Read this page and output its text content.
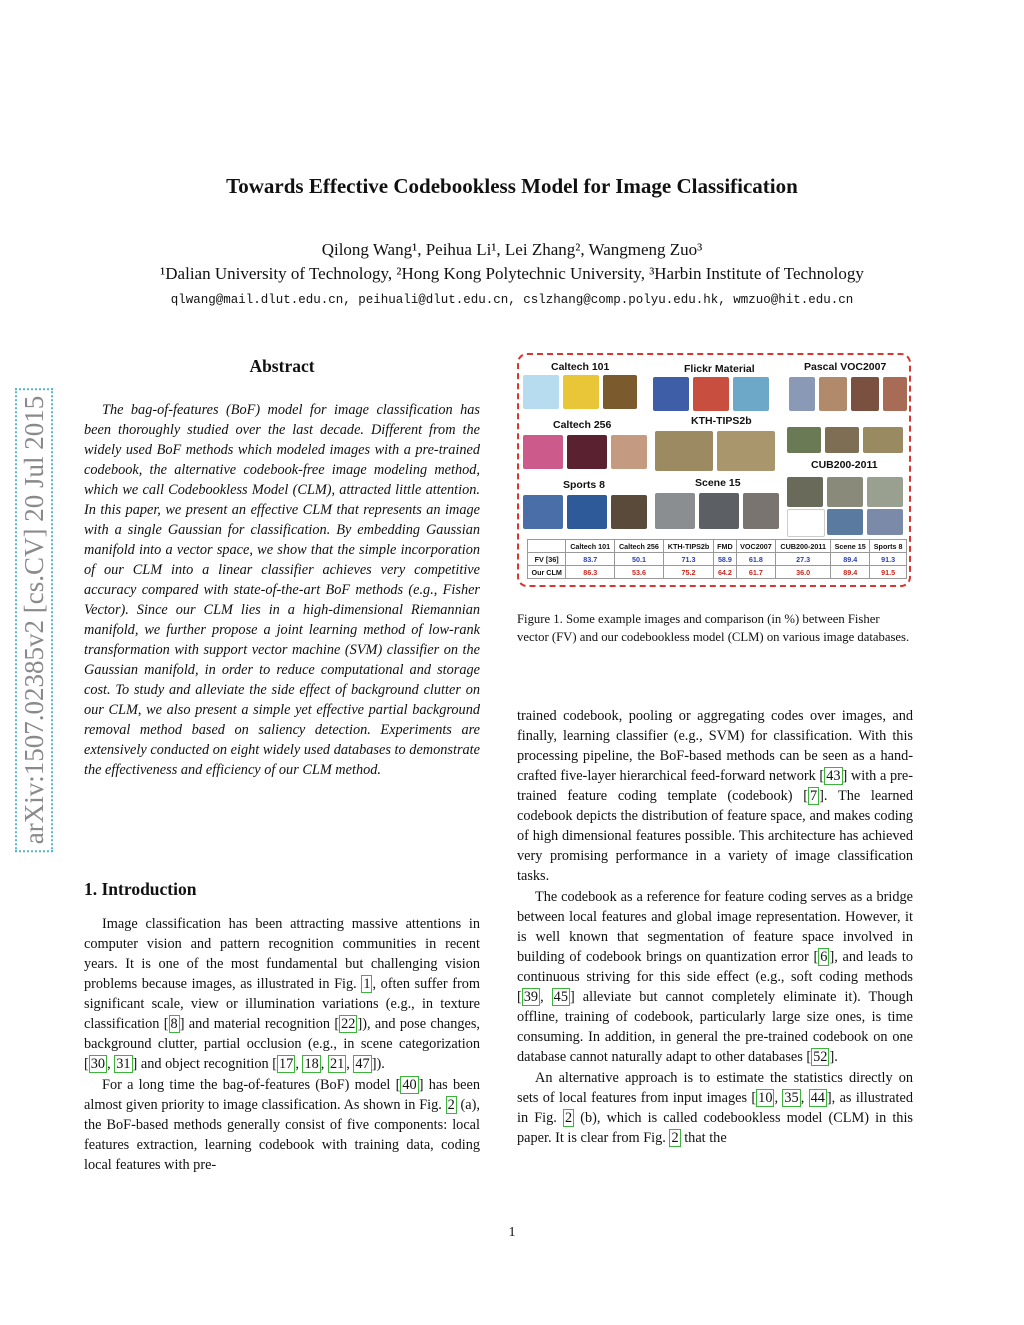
Towards Effective Codebookless Model for Image Classification
Qilong Wang¹, Peihua Li¹, Lei Zhang², Wangmeng Zuo³
¹Dalian University of Technology, ²Hong Kong Polytechnic University, ³Harbin Institute of Technology
qlwang@mail.dlut.edu.cn, peihuali@dlut.edu.cn, cslzhang@comp.polyu.edu.hk, wmzuo@hit.edu.cn
arXiv:1507.02385v2 [cs.CV] 20 Jul 2015
Abstract
The bag-of-features (BoF) model for image classification has been thoroughly studied over the last decade. Different from the widely used BoF methods which modeled images with a pre-trained codebook, the alternative codebook-free image modeling method, which we call Codebookless Model (CLM), attracted little attention. In this paper, we present an effective CLM that represents an image with a single Gaussian for classification. By embedding Gaussian manifold into a vector space, we show that the simple incorporation of our CLM into a linear classifier achieves very competitive accuracy compared with state-of-the-art BoF methods (e.g., Fisher Vector). Since our CLM lies in a high-dimensional Riemannian manifold, we further propose a joint learning method of low-rank transformation with support vector machine (SVM) classifier on the Gaussian manifold, in order to reduce computational and storage cost. To study and alleviate the side effect of background clutter on our CLM, we also present a simple yet effective partial background removal method based on saliency detection. Experiments are extensively conducted on eight widely used databases to demonstrate the effectiveness and efficiency of our CLM method.
1. Introduction

Image classification has been attracting massive attentions in computer vision and pattern recognition communities in recent years. It is one of the most fundamental but challenging vision problems because images, as illustrated in Fig. 1 , often suffer from significant scale, view or illumination variations (e.g., in texture classification [ 8 ] and material recognition [ 22 ]), and pose changes, background clutter, partial occlusion (e.g., in scene categorization [ 30 , 31 ] and object recognition [ 17 , 18 , 21 , 47 ]).

For a long time the bag-of-features (BoF) model [ 40 ] has been almost given priority to image classification. As shown in Fig. 2 (a), the BoF-based methods generally consist of five components: local features extraction, learning codebook with training data, coding local features with pre-

Caltech 101	Flickr Material	Pascal VOC2007
Caltech 256	KTH-TIPS2b
CUB200-2011
Sports 8	Scene 15
	Caltech 101	Caltech 256	KTH-TIPS2b	FMD	VOC2007	CUB200-2011	Scene 15	Sports 8
FV [36]	83.7	50.1	71.3	58.9	61.8	27.3	89.4	91.3
Our CLM	86.3	53.6	75.2	64.2	61.7	36.0	89.4	91.5
Figure 1. Some example images and comparison (in %) between Fisher vector (FV) and our codebookless model (CLM) on various image databases.

trained codebook, pooling or aggregating codes over images, and finally, learning classifier (e.g., SVM) for classification. With this processing pipeline, the BoF-based methods can be seen as a hand-crafted five-layer hierarchical feed-forward network [ 43 ] with a pre-trained feature coding template (codebook) [ 7 ]. The learned codebook depicts the distribution of feature space, and makes coding of high dimensional features possible. This architecture has achieved very promising performance in a variety of image classification tasks.

The codebook as a reference for feature coding serves as a bridge between local features and global image representation. However, it is well known that segmentation of feature space involved in building of codebook brings on quantization error [ 6 ], and leads to continuous striving for this side effect (e.g., soft coding methods [ 39 , 45 ] alleviate but cannot completely eliminate it). Though offline, training of codebook, particularly large size ones, is time consuming. In addition, in general the pre-trained codebook on one database cannot naturally adapt to other databases [ 52 ].

An alternative approach is to estimate the statistics directly on sets of local features from input images [ 10 , 35 , 44 ], as illustrated in Fig. 2 (b), which is called codebookless model (CLM) in this paper. It is clear from Fig. 2 that the

1
